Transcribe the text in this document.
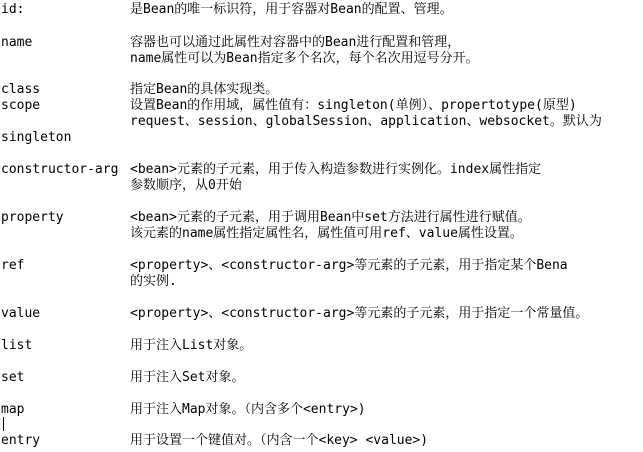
id:	是Bean的唯一标识符，用于容器对Bean的配置、管理。
name	容器也可以通过此属性对容器中的Bean进行配置和管理，
name属性可以为Bean指定多个名次，每个名次用逗号分开。
class	指定Bean的具体实现类。
scope	设置Bean的作用域，属性值有：singleton(单例）、propertotype(原型)
request、session、globalSession、application、websocket。默认为
singleton
constructor-arg <bean>元素的子元素，用于传入构造参数进行实例化。index属性指定
参数顺序，从0开始
property	<bean>元素的子元素，用于调用Bean中set方法进行属性进行赋值。
该元素的name属性指定属性名，属性值可用ref、value属性设置。
ref	<property>、<constructor-arg>等元素的子元素，用于指定某个Bena
的实例.
value	<property>、<constructor-arg>等元素的子元素，用于指定一个常量值。
list	用于注入List对象。
set	用于注入Set对象。
map	用于注入Map对象。（内含多个<entry>)
entry	用于设置一个键值对。（内含一个<key> <value>)
